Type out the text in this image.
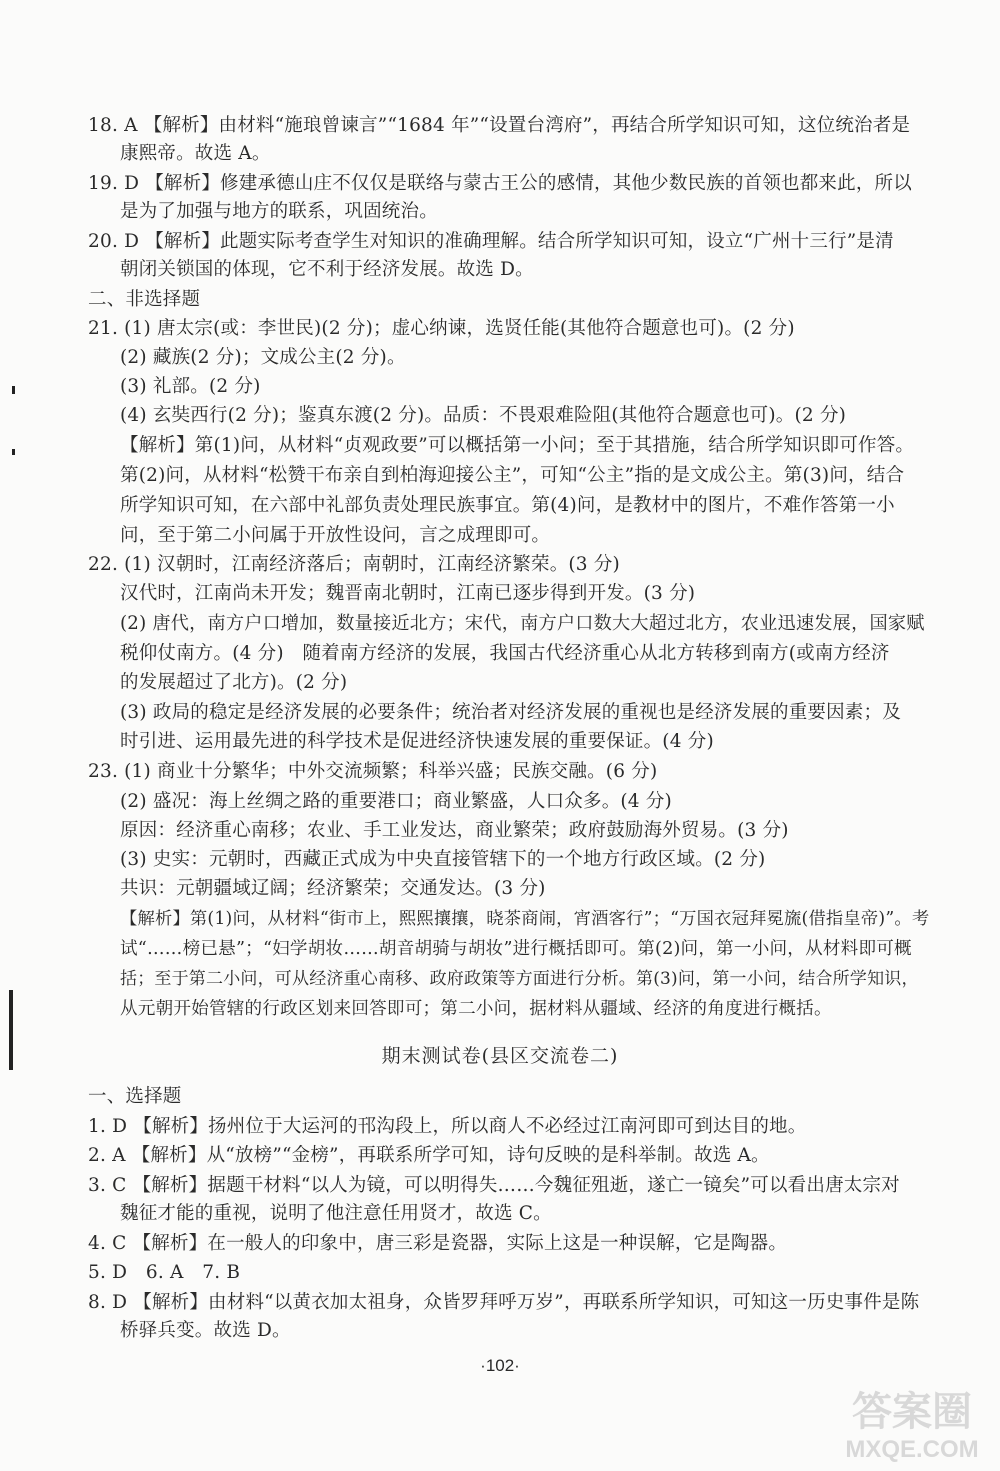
18. A 【解析】由材料“施琅曾谏言”“1684 年”“设置台湾府”，再结合所学知识可知，这位统治者是
康熙帝。故选 A。
19. D 【解析】修建承德山庄不仅仅是联络与蒙古王公的感情，其他少数民族的首领也都来此，所以
是为了加强与地方的联系，巩固统治。
20. D 【解析】此题实际考查学生对知识的准确理解。结合所学知识可知，设立“广州十三行”是清
朝闭关锁国的体现，它不利于经济发展。故选 D。
二、非选择题
21. (1) 唐太宗(或：李世民)(2 分)；虚心纳谏，选贤任能(其他符合题意也可)。(2 分)
(2) 藏族(2 分)；文成公主(2 分)。
(3) 礼部。(2 分)
(4) 玄奘西行(2 分)；鉴真东渡(2 分)。品质：不畏艰难险阻(其他符合题意也可)。(2 分)
【解析】第(1)问，从材料“贞观政要”可以概括第一小问；至于其措施，结合所学知识即可作答。
第(2)问，从材料“松赞干布亲自到柏海迎接公主”，可知“公主”指的是文成公主。第(3)问，结合
所学知识可知，在六部中礼部负责处理民族事宜。第(4)问，是教材中的图片，不难作答第一小
问，至于第二小问属于开放性设问，言之成理即可。
22. (1) 汉朝时，江南经济落后；南朝时，江南经济繁荣。(3 分)
汉代时，江南尚未开发；魏晋南北朝时，江南已逐步得到开发。(3 分)
(2) 唐代，南方户口增加，数量接近北方；宋代，南方户口数大大超过北方，农业迅速发展，国家赋
税仰仗南方。(4 分)　随着南方经济的发展，我国古代经济重心从北方转移到南方(或南方经济
的发展超过了北方)。(2 分)
(3) 政局的稳定是经济发展的必要条件；统治者对经济发展的重视也是经济发展的重要因素；及
时引进、运用最先进的科学技术是促进经济快速发展的重要保证。(4 分)
23. (1) 商业十分繁华；中外交流频繁；科举兴盛；民族交融。(6 分)
(2) 盛况：海上丝绸之路的重要港口；商业繁盛，人口众多。(4 分)
原因：经济重心南移；农业、手工业发达，商业繁荣；政府鼓励海外贸易。(3 分)
(3) 史实：元朝时，西藏正式成为中央直接管辖下的一个地方行政区域。(2 分)
共识：元朝疆域辽阔；经济繁荣；交通发达。(3 分)
【解析】第(1)问，从材料“街市上，熙熙攘攘，晓茶商闹，宵酒客行”；“万国衣冠拜冕旒(借指皇帝)”。考
试“……榜已悬”；“妇学胡妆……胡音胡骑与胡妆”进行概括即可。第(2)问，第一小问，从材料即可概
括；至于第二小问，可从经济重心南移、政府政策等方面进行分析。第(3)问，第一小问，结合所学知识，
从元朝开始管辖的行政区划来回答即可；第二小问，据材料从疆域、经济的角度进行概括。
期末测试卷(县区交流卷二)
一、选择题
1. D 【解析】扬州位于大运河的邗沟段上，所以商人不必经过江南河即可到达目的地。
2. A 【解析】从“放榜”“金榜”，再联系所学可知，诗句反映的是科举制。故选 A。
3. C 【解析】据题干材料“以人为镜，可以明得失……今魏征殂逝，遂亡一镜矣”可以看出唐太宗对
魏征才能的重视，说明了他注意任用贤才，故选 C。
4. C 【解析】在一般人的印象中，唐三彩是瓷器，实际上这是一种误解，它是陶器。
5. D　6. A　7. B
8. D 【解析】由材料“以黄衣加太祖身，众皆罗拜呼万岁”，再联系所学知识，可知这一历史事件是陈
桥驿兵变。故选 D。
·102·
答案圈
MXQE.COM
